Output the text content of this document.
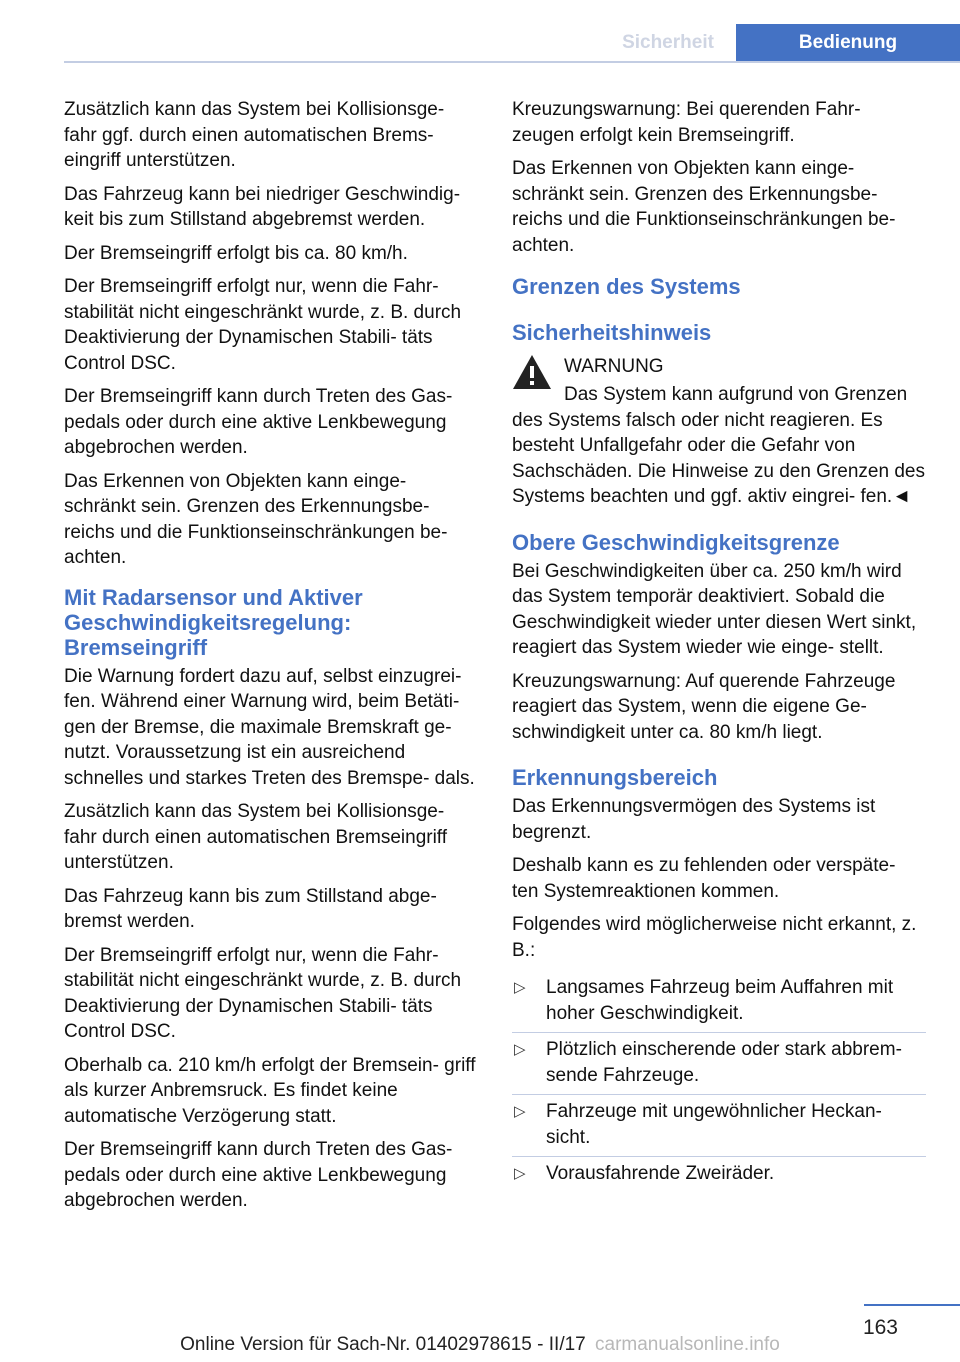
Sicherheit	Bedienung

Zusätzlich kann das System bei Kollisionsge‐ fahr ggf. durch einen automatischen Brems‐ eingriff unterstützen.

Das Fahrzeug kann bei niedriger Geschwindig‐ keit bis zum Stillstand abgebremst werden.

Der Bremseingriff erfolgt bis ca. 80 km/h.

Der Bremseingriff erfolgt nur, wenn die Fahr‐ stabilität nicht eingeschränkt wurde, z. B. durch Deaktivierung der Dynamischen Stabili‐ täts Control DSC.

Der Bremseingriff kann durch Treten des Gas‐ pedals oder durch eine aktive Lenkbewegung abgebrochen werden.

Das Erkennen von Objekten kann einge‐ schränkt sein. Grenzen des Erkennungsbe‐ reichs und die Funktionseinschränkungen be‐ achten.

Mit Radarsensor und Aktiver Geschwindigkeitsregelung: Bremseingriff

Die Warnung fordert dazu auf, selbst einzugrei‐ fen. Während einer Warnung wird, beim Betäti‐ gen der Bremse, die maximale Bremskraft ge‐ nutzt. Voraussetzung ist ein ausreichend schnelles und starkes Treten des Bremspe‐ dals.

Zusätzlich kann das System bei Kollisionsge‐ fahr durch einen automatischen Bremseingriff unterstützen.

Das Fahrzeug kann bis zum Stillstand abge‐ bremst werden.

Der Bremseingriff erfolgt nur, wenn die Fahr‐ stabilität nicht eingeschränkt wurde, z. B. durch Deaktivierung der Dynamischen Stabili‐ täts Control DSC.

Oberhalb ca. 210 km/h erfolgt der Bremsein‐ griff als kurzer Anbremsruck. Es findet keine automatische Verzögerung statt.

Der Bremseingriff kann durch Treten des Gas‐ pedals oder durch eine aktive Lenkbewegung abgebrochen werden.

Kreuzungswarnung: Bei querenden Fahr‐ zeugen erfolgt kein Bremseingriff.

Das Erkennen von Objekten kann einge‐ schränkt sein. Grenzen des Erkennungsbe‐ reichs und die Funktionseinschränkungen be‐ achten.

Grenzen des Systems
Sicherheitshinweis

WARNUNG

Das System kann aufgrund von Grenzen

des Systems falsch oder nicht reagieren. Es besteht Unfallgefahr oder die Gefahr von Sachschäden. Die Hinweise zu den Grenzen des Systems beachten und ggf. aktiv eingrei‐ fen.◄

Obere Geschwindigkeitsgrenze

Bei Geschwindigkeiten über ca. 250 km/h wird das System temporär deaktiviert. Sobald die Geschwindigkeit wieder unter diesen Wert sinkt, reagiert das System wieder wie einge‐ stellt.

Kreuzungswarnung: Auf querende Fahrzeuge reagiert das System, wenn die eigene Ge‐ schwindigkeit unter ca. 80 km/h liegt.

Erkennungsbereich

Das Erkennungsvermögen des Systems ist begrenzt.

Deshalb kann es zu fehlenden oder verspäte‐ ten Systemreaktionen kommen.

Folgendes wird möglicherweise nicht erkannt, z. B.:

▷ Langsames Fahrzeug beim Auffahren mit hoher Geschwindigkeit.
▷ Plötzlich einscherende oder stark abbrem‐ sende Fahrzeuge.
▷ Fahrzeuge mit ungewöhnlicher Heckan‐ sicht.
▷ Vorausfahrende Zweiräder.
163
Online Version für Sach-Nr. 01402978615 - II/17 carmanualsonline.info
